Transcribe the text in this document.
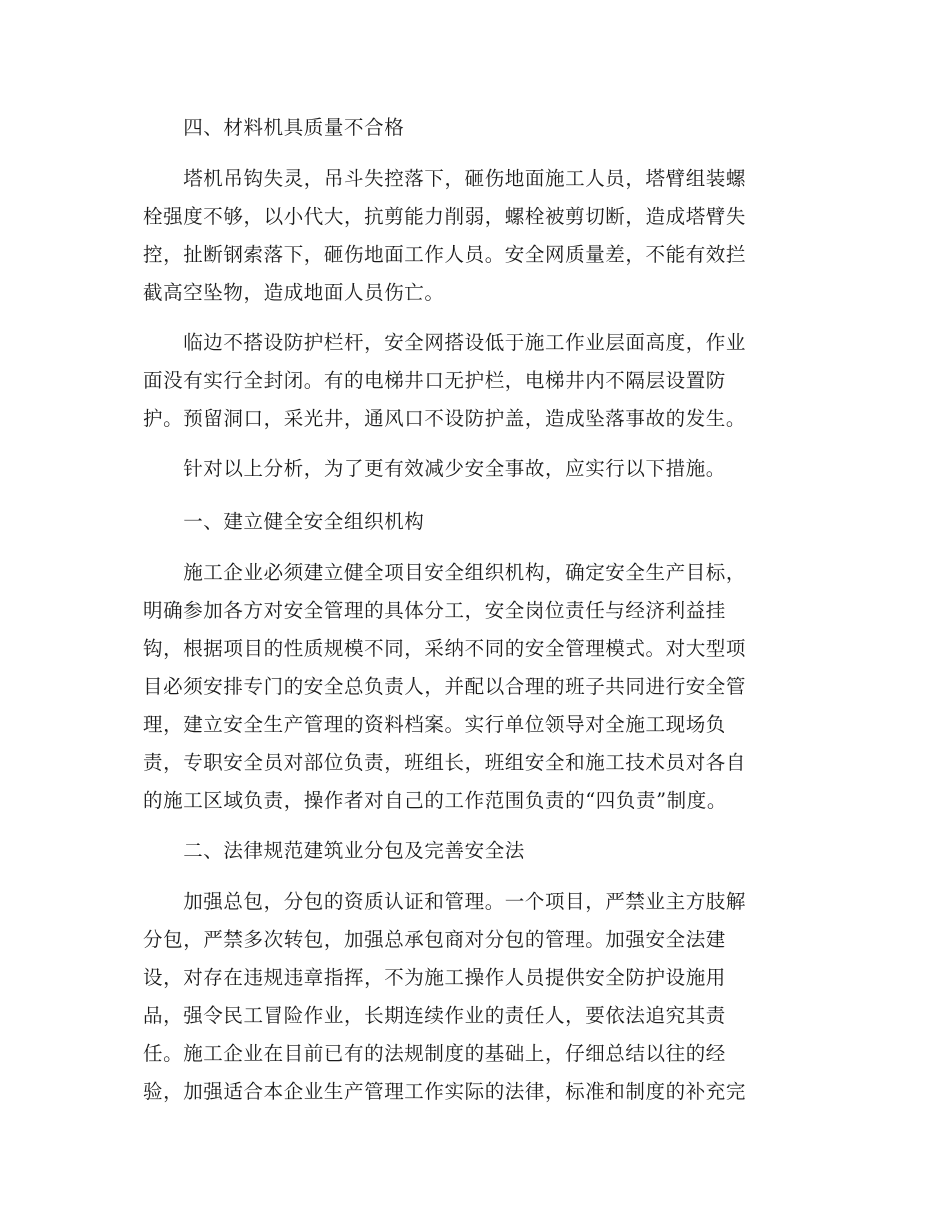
　　四、材料机具质量不合格
　　塔机吊钩失灵，吊斗失控落下，砸伤地面施工人员，塔臂组装螺
栓强度不够，以小代大，抗剪能力削弱，螺栓被剪切断，造成塔臂失
控，扯断钢索落下，砸伤地面工作人员。安全网质量差，不能有效拦
截高空坠物，造成地面人员伤亡。
　　临边不搭设防护栏杆，安全网搭设低于施工作业层面高度，作业
面没有实行全封闭。有的电梯井口无护栏，电梯井内不隔层设置防
护。预留洞口，采光井，通风口不设防护盖，造成坠落事故的发生。
　　针对以上分析，为了更有效减少安全事故，应实行以下措施。
　　一、建立健全安全组织机构
　　施工企业必须建立健全项目安全组织机构，确定安全生产目标，
明确参加各方对安全管理的具体分工，安全岗位责任与经济利益挂
钩，根据项目的性质规模不同，采纳不同的安全管理模式。对大型项
目必须安排专门的安全总负责人，并配以合理的班子共同进行安全管
理，建立安全生产管理的资料档案。实行单位领导对全施工现场负
责，专职安全员对部位负责，班组长，班组安全和施工技术员对各自
的施工区域负责，操作者对自己的工作范围负责的“四负责”制度。
　　二、法律规范建筑业分包及完善安全法
　　加强总包，分包的资质认证和管理。一个项目，严禁业主方肢解
分包，严禁多次转包，加强总承包商对分包的管理。加强安全法建
设，对存在违规违章指挥，不为施工操作人员提供安全防护设施用
品，强令民工冒险作业，长期连续作业的责任人，要依法追究其责
任。施工企业在目前已有的法规制度的基础上，仔细总结以往的经
验，加强适合本企业生产管理工作实际的法律，标准和制度的补充完
